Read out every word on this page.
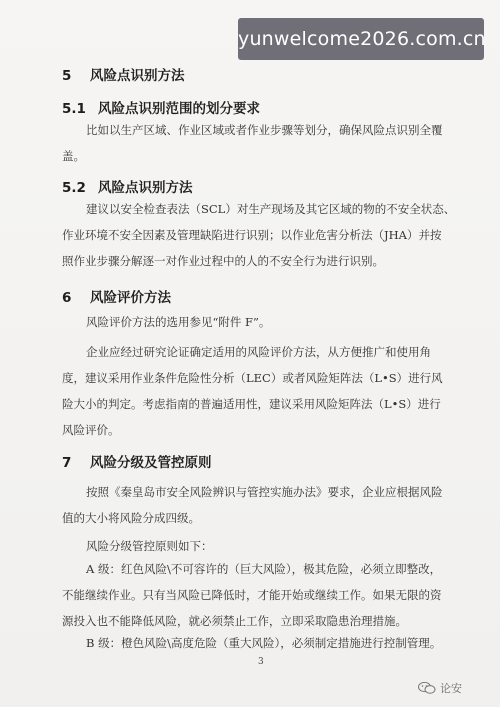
yunwelcome2026.com.cn
5 风险点识别方法
5.1 风险点识别范围的划分要求
比如以生产区域、作业区域或者作业步骤等划分，确保风险点识别全覆
盖。
5.2 风险点识别方法
建议以安全检查表法（SCL）对生产现场及其它区域的物的不安全状态、
作业环境不安全因素及管理缺陷进行识别；以作业危害分析法（JHA）并按
照作业步骤分解逐一对作业过程中的人的不安全行为进行识别。
6 风险评价方法
风险评价方法的选用参见“附件 F”。
企业应经过研究论证确定适用的风险评价方法，从方便推广和使用角
度，建议采用作业条件危险性分析（LEC）或者风险矩阵法（L•S）进行风
险大小的判定。考虑指南的普遍适用性，建议采用风险矩阵法（L•S）进行
风险评价。
7 风险分级及管控原则
按照《秦皇岛市安全风险辨识与管控实施办法》要求，企业应根据风险
值的大小将风险分成四级。
风险分级管控原则如下：
A 级：红色风险\不可容许的（巨大风险），极其危险，必须立即整改，
不能继续作业。只有当风险已降低时，才能开始或继续工作。如果无限的资
源投入也不能降低风险，就必须禁止工作，立即采取隐患治理措施。
B 级：橙色风险\高度危险（重大风险），必须制定措施进行控制管理。
3
论安
